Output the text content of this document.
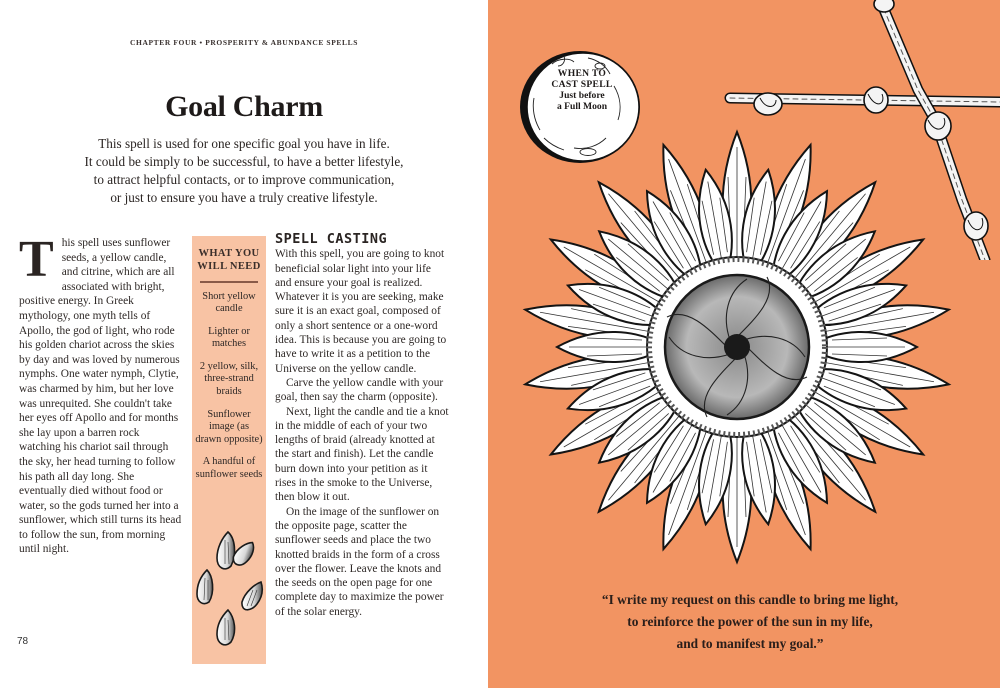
CHAPTER FOUR • PROSPERITY & ABUNDANCE SPELLS
Goal Charm
This spell is used for one specific goal you have in life.
It could be simply to be successful, to have a better lifestyle,
to attract helpful contacts, or to improve communication,
or just to ensure you have a truly creative lifestyle.
T his spell uses sunflower seeds, a yellow candle, and citrine, which are all associated with bright, positive energy. In Greek mythology, one myth tells of Apollo, the god of light, who rode his golden chariot across the skies by day and was loved by numerous nymphs. One water nymph, Clytie, was charmed by him, but her love was unrequited. She couldn't take her eyes off Apollo and for months she lay upon a barren rock watching his chariot sail through the sky, her head turning to follow his path all day long. She eventually died without food or water, so the gods turned her into a sunflower, which still turns its head to follow the sun, from morning until night.
WHAT YOU
WILL NEED
Short yellow candle
Lighter or matches
2 yellow, silk, three-strand braids
Sunflower image (as drawn opposite)
A handful of sunflower seeds
SPELL CASTING

With this spell, you are going to knot beneficial solar light into your life and ensure your goal is realized. Whatever it is you are seeking, make sure it is an exact goal, composed of only a short sentence or a one-word idea. This is because you are going to have to write it as a petition to the Universe on the yellow candle.

Carve the yellow candle with your goal, then say the charm (opposite).

Next, light the candle and tie a knot in the middle of each of your two lengths of braid (already knotted at the start and finish). Let the candle burn down into your petition as it rises in the smoke to the Universe, then blow it out.

On the image of the sunflower on the opposite page, scatter the sunflower seeds and place the two knotted braids in the form of a cross over the flower. Leave the knots and the seeds on the open page for one complete day to maximize the power of the solar energy.

78
WHEN TO
CAST SPELL
Just before
a Full Moon
“I write my request on this candle to bring me light,
to reinforce the power of the sun in my life,
and to manifest my goal.”
